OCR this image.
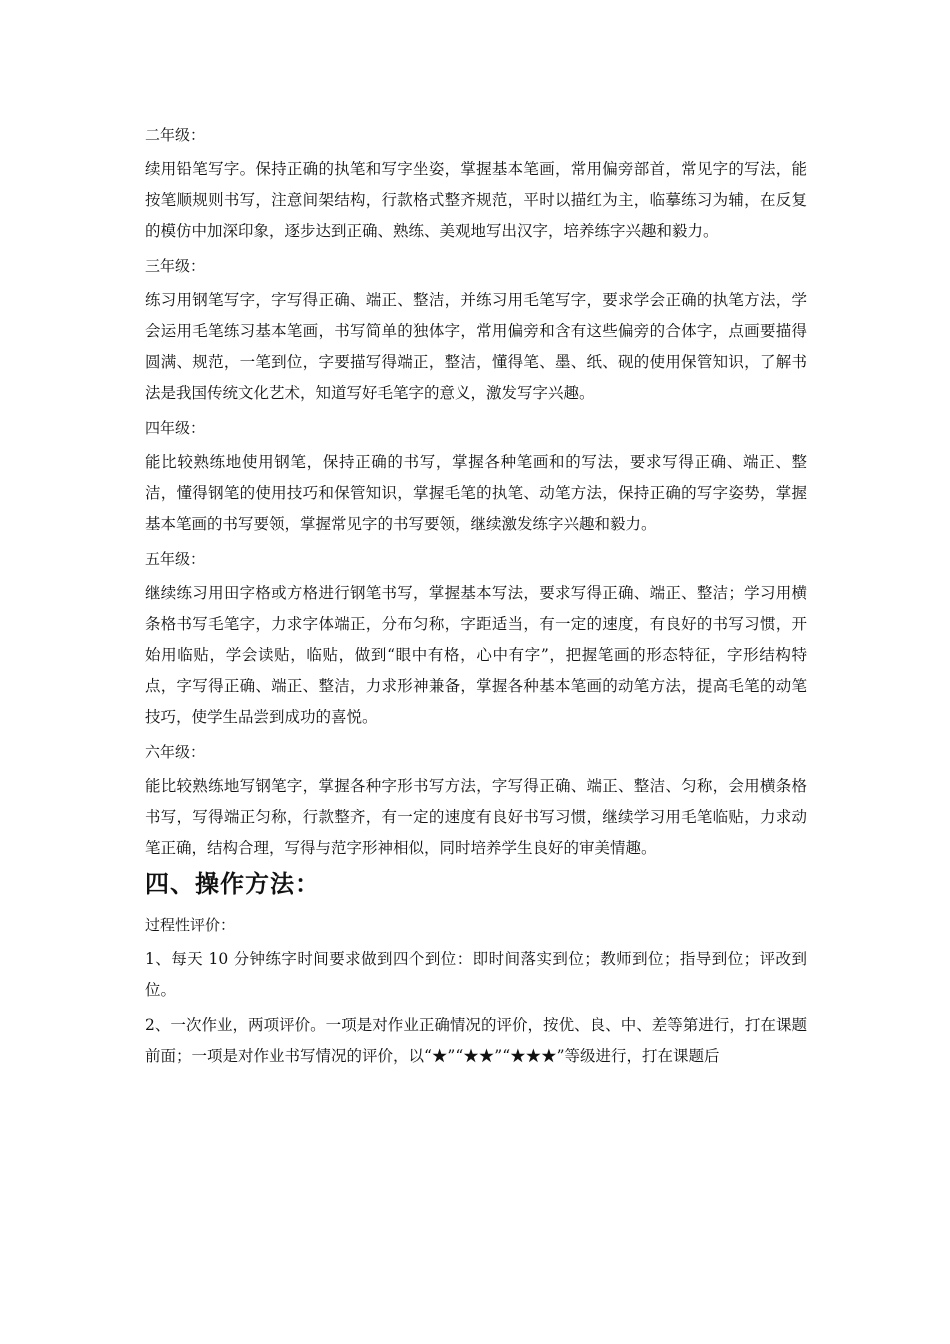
二年级：

续用铅笔写字。保持正确的执笔和写字坐姿，掌握基本笔画，常用偏旁部首，常见字的写法，能按笔顺规则书写，注意间架结构，行款格式整齐规范，平时以描红为主，临摹练习为辅，在反复的模仿中加深印象，逐步达到正确、熟练、美观地写出汉字，培养练字兴趣和毅力。

三年级：

练习用钢笔写字，字写得正确、端正、整洁，并练习用毛笔写字，要求学会正确的执笔方法，学会运用毛笔练习基本笔画，书写简单的独体字，常用偏旁和含有这些偏旁的合体字，点画要描得圆满、规范，一笔到位，字要描写得端正，整洁，懂得笔、墨、纸、砚的使用保管知识，了解书法是我国传统文化艺术，知道写好毛笔字的意义，激发写字兴趣。

四年级：

能比较熟练地使用钢笔，保持正确的书写，掌握各种笔画和的写法，要求写得正确、端正、整洁，懂得钢笔的使用技巧和保管知识，掌握毛笔的执笔、动笔方法，保持正确的写字姿势，掌握基本笔画的书写要领，掌握常见字的书写要领，继续激发练字兴趣和毅力。

五年级：

继续练习用田字格或方格进行钢笔书写，掌握基本写法，要求写得正确、端正、整洁；学习用横条格书写毛笔字，力求字体端正，分布匀称，字距适当，有一定的速度，有良好的书写习惯，开始用临贴，学会读贴，临贴，做到“眼中有格，心中有字”，把握笔画的形态特征，字形结构特点，字写得正确、端正、整洁，力求形神兼备，掌握各种基本笔画的动笔方法，提高毛笔的动笔技巧，使学生品尝到成功的喜悦。

六年级：

能比较熟练地写钢笔字，掌握各种字形书写方法，字写得正确、端正、整洁、匀称，会用横条格书写，写得端正匀称，行款整齐，有一定的速度有良好书写习惯，继续学习用毛笔临贴，力求动笔正确，结构合理，写得与范字形神相似，同时培养学生良好的审美情趣。

四、操作方法：

过程性评价：

1、每天 10 分钟练字时间要求做到四个到位：即时间落实到位；教师到位；指导到位；评改到位。

2、一次作业，两项评价。一项是对作业正确情况的评价，按优、良、中、差等第进行，打在课题前面；一项是对作业书写情况的评价，以“★”“★★”“★★★”等级进行，打在课题后
